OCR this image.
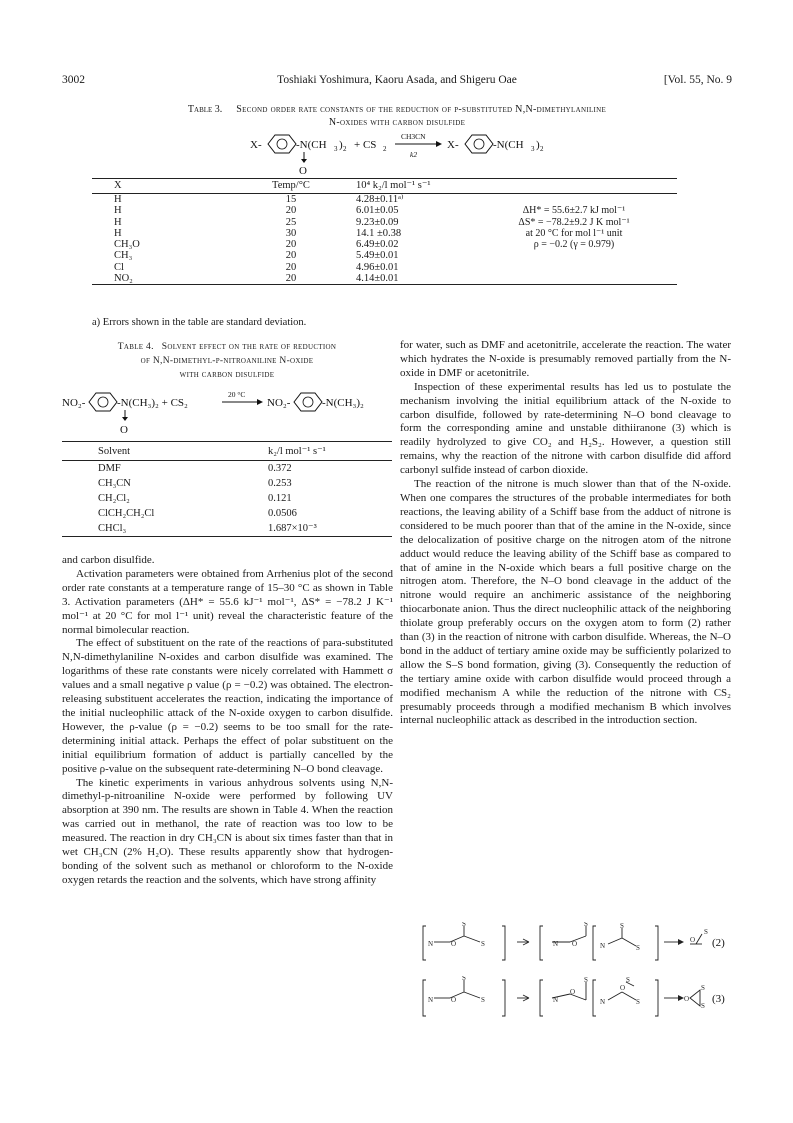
3002	Toshiaki Yoshimura, Kaoru Asada, and Shigeru Oae	[Vol. 55, No. 9
Table 3. Second order rate constants of the reduction of p-substituted N,N-dimethylaniline
N-oxides with carbon disulfide
X-	-N(CH 3 ) 2
O
+ CS 2
CH3CN
k2
X-	-N(CH 3 ) 2
X	Temp/°C	10⁴ k₂/l mol⁻¹ s⁻¹	
H	15	4.28±0.11ᵃ⁾	
H	20	6.01±0.05	ΔH* = 55.6±2.7 kJ mol⁻¹
H	25	9.23±0.09	ΔS* = −78.2±9.2 J K mol⁻¹
H	30	14.1 ±0.38	at 20 °C for mol l⁻¹ unit
CH₃O	20	6.49±0.02	ρ = −0.2 (γ = 0.979)
CH₃	20	5.49±0.01	
Cl	20	4.96±0.01	
NO₂	20	4.14±0.01	
a) Errors shown in the table are standard deviation.
Table 4. Solvent effect on the rate of reduction
of N,N-dimethyl-p-nitroaniline N-oxide
with carbon disulfide
NO₂-	-N(CH₃)₂ + CS₂
O
20 °C
NO₂-	-N(CH₃)₂
Solvent	k₂/l mol⁻¹ s⁻¹
DMF	0.372
CH₃CN	0.253
CH₂Cl₂	0.121
ClCH₂CH₂Cl	0.0506
CHCl₃	1.687×10⁻³

and carbon disulfide.

Activation parameters were obtained from Arrhenius plot of the second order rate constants at a temperature range of 15–30 °C as shown in Table 3. Activation parameters (ΔH* = 55.6 kJ⁻¹ mol⁻¹, ΔS* = −78.2 J K⁻¹ mol⁻¹ at 20 °C for mol l⁻¹ unit) reveal the characteristic feature of the normal bimolecular reaction.

The effect of substituent on the rate of the reactions of para-substituted N,N-dimethylaniline N-oxides and carbon disulfide was examined. The logarithms of these rate constants were nicely correlated with Hammett σ values and a small negative ρ value (ρ = −0.2) was obtained. The electron-releasing substituent accelerates the reaction, indicating the importance of the initial nucleophilic attack of the N-oxide oxygen to carbon disulfide. However, the ρ-value (ρ = −0.2) seems to be too small for the rate-determining initial attack. Perhaps the effect of polar substituent on the initial equilibrium formation of adduct is partially cancelled by the positive ρ-value on the subsequent rate-determining N–O bond cleavage.

The kinetic experiments in various anhydrous solvents using N,N-dimethyl-p-nitroaniline N-oxide were performed by following UV absorption at 390 nm. The results are shown in Table 4. When the reaction was carried out in methanol, the rate of reaction was too low to be measured. The reaction in dry CH₃CN is about six times faster than that in wet CH₃CN (2% H₂O). These results apparently show that hydrogen-bonding of the solvent such as methanol or chloroform to the N-oxide oxygen retards the reaction and the solvents, which have strong affinity

for water, such as DMF and acetonitrile, accelerate the reaction. The water which hydrates the N-oxide is presumably removed partially from the N-oxide in DMF or acetonitrile.

Inspection of these experimental results has led us to postulate the mechanism involving the initial equilibrium attack of the N-oxide to carbon disulfide, followed by rate-determining N–O bond cleavage to form the corresponding amine and unstable dithiiranone (3) which is readily hydrolyzed to give CO₂ and H₂S₂. However, a question still remains, why the reaction of the nitrone with carbon disulfide did afford carbonyl sulfide instead of carbon dioxide.

The reaction of the nitrone is much slower than that of the N-oxide. When one compares the structures of the probable intermediates for both reactions, the leaving ability of a Schiff base from the adduct of nitrone is considered to be much poorer than that of the amine in the N-oxide, since the delocalization of positive charge on the nitrogen atom of the nitrone adduct would reduce the leaving ability of the Schiff base as compared to that of amine in the N-oxide which bears a full positive charge on the nitrogen atom. Therefore, the N–O bond cleavage in the adduct of the nitrone would require an anchimeric assistance of the neighboring thiocarbonate anion. Thus the direct nucleophilic attack of the neighboring thiolate group preferably occurs on the oxygen atom to form (2) rather than (3) in the reaction of nitrone with carbon disulfide. Whereas, the N–O bond in the adduct of tertiary amine oxide may be sufficiently polarized to allow the S–S bond formation, giving (3). Consequently the reduction of the tertiary amine oxide with carbon disulfide would proceed through a modified mechanism A while the reduction of the nitrone with CS₂ presumably proceeds through a modified mechanism B which involves internal nucleophilic attack as described in the introduction section.

N	O
S
S	N O
S
N
S
S
O
S
(2)
N	O
S
S	N
O
S
N
O
S
S
O
S
S
(3)
